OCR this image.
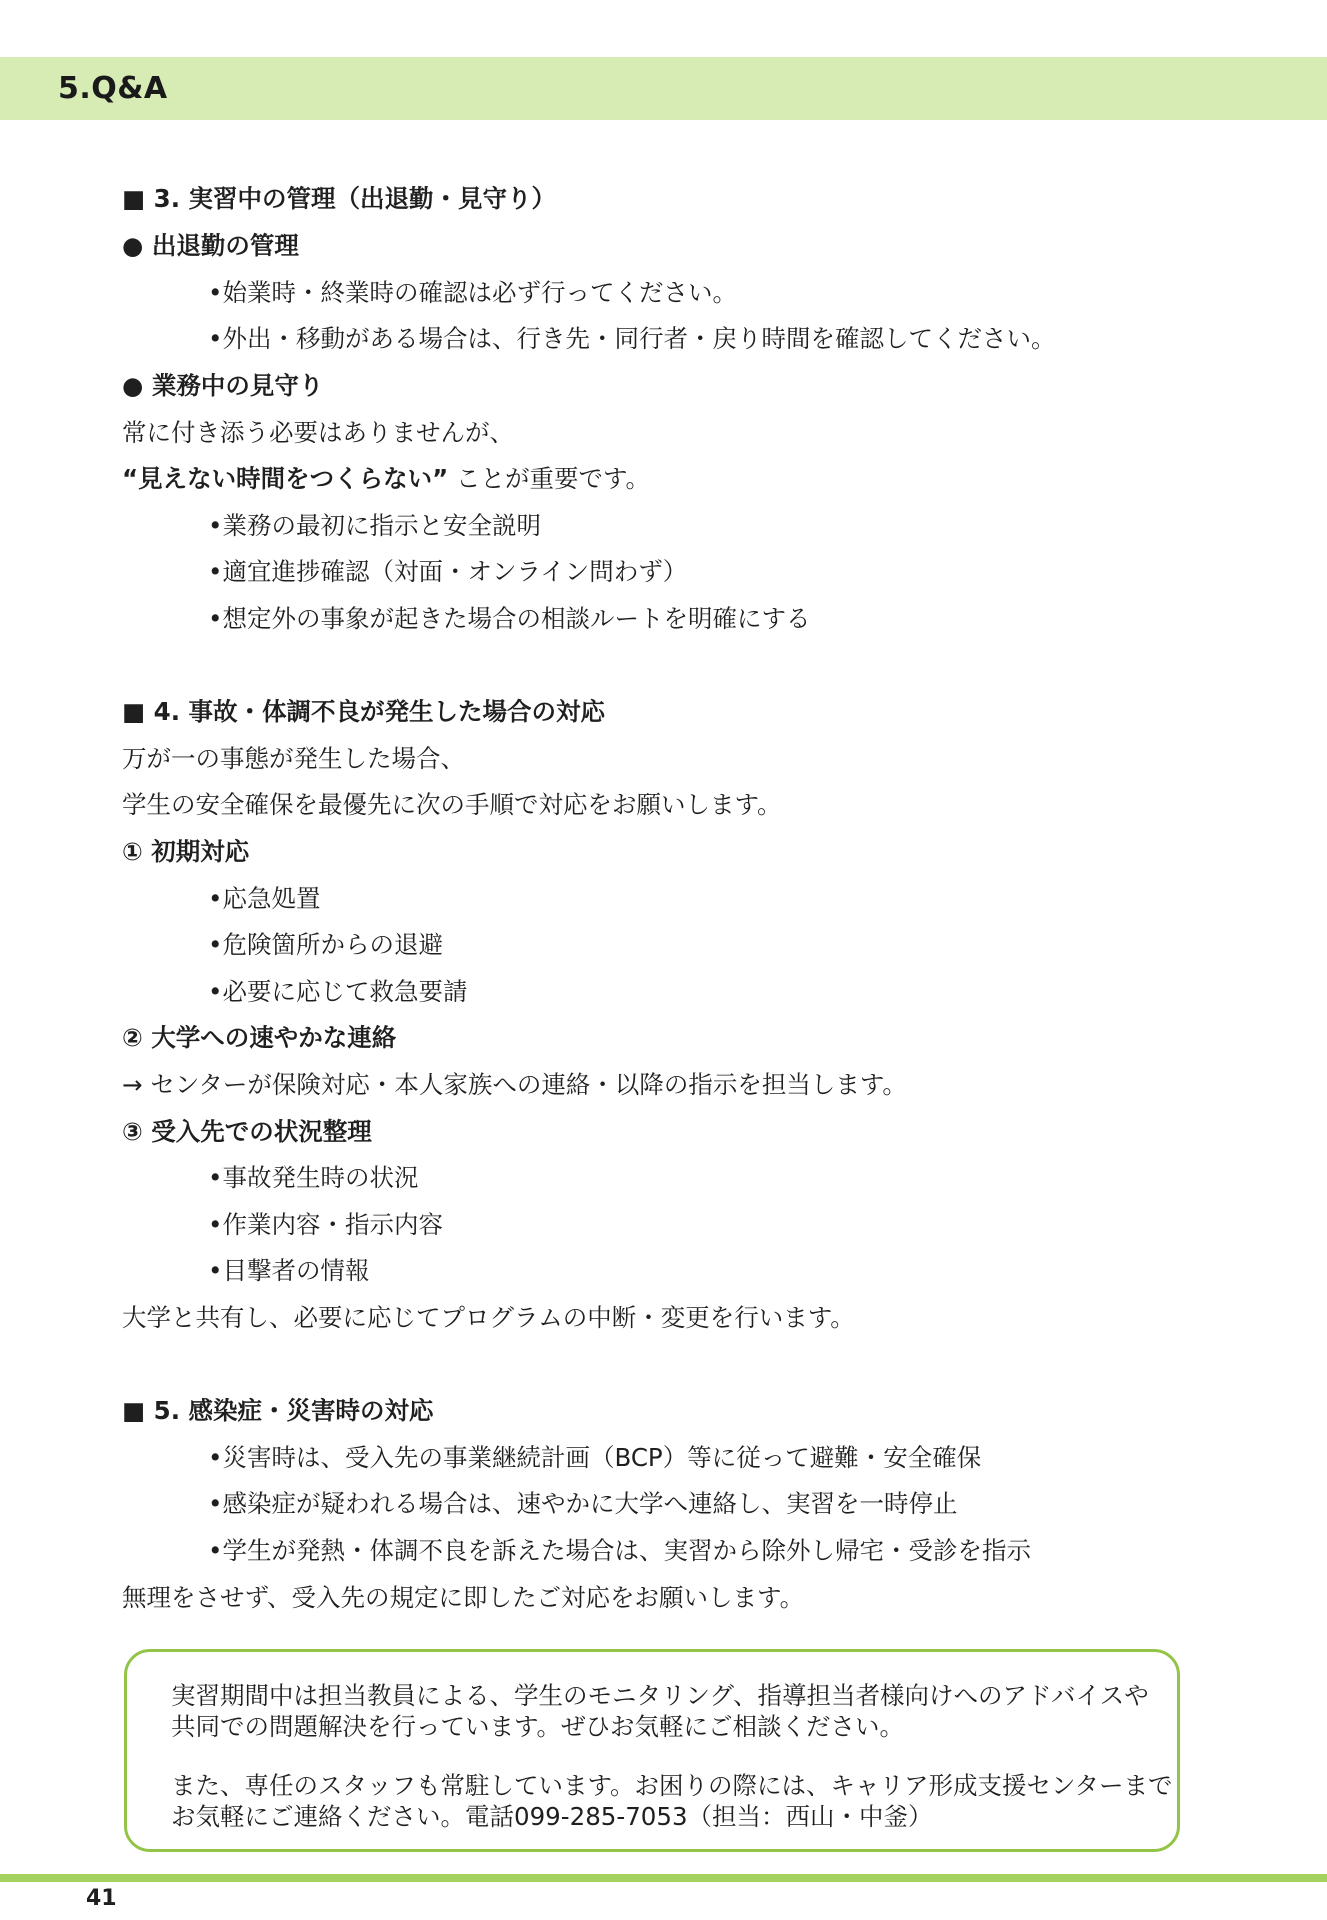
5.Q&A
■ 3. 実習中の管理（出退勤・見守り）
● 出退勤の管理
•始業時・終業時の確認は必ず行ってください。
•外出・移動がある場合は、行き先・同行者・戻り時間を確認してください。
● 業務中の見守り
常に付き添う必要はありませんが、
“見えない時間をつくらない” ことが重要です。
•業務の最初に指示と安全説明
•適宜進捗確認（対面・オンライン問わず）
•想定外の事象が起きた場合の相談ルートを明確にする
■ 4. 事故・体調不良が発生した場合の対応
万が一の事態が発生した場合、
学生の安全確保を最優先に次の手順で対応をお願いします。
① 初期対応
•応急処置
•危険箇所からの退避
•必要に応じて救急要請
② 大学への速やかな連絡
→ センターが保険対応・本人家族への連絡・以降の指示を担当します。
③ 受入先での状況整理
•事故発生時の状況
•作業内容・指示内容
•目撃者の情報
大学と共有し、必要に応じてプログラムの中断・変更を行います。
■ 5. 感染症・災害時の対応
•災害時は、受入先の事業継続計画（BCP）等に従って避難・安全確保
•感染症が疑われる場合は、速やかに大学へ連絡し、実習を一時停止
•学生が発熱・体調不良を訴えた場合は、実習から除外し帰宅・受診を指示
無理をさせず、受入先の規定に即したご対応をお願いします。
実習期間中は担当教員による、学生のモニタリング、指導担当者様向けへのアドバイスや
共同での問題解決を行っています。ぜひお気軽にご相談ください。
また、専任のスタッフも常駐しています。お困りの際には、キャリア形成支援センターまで
お気軽にご連絡ください。電話099-285-7053（担当：西山・中釜）
41
